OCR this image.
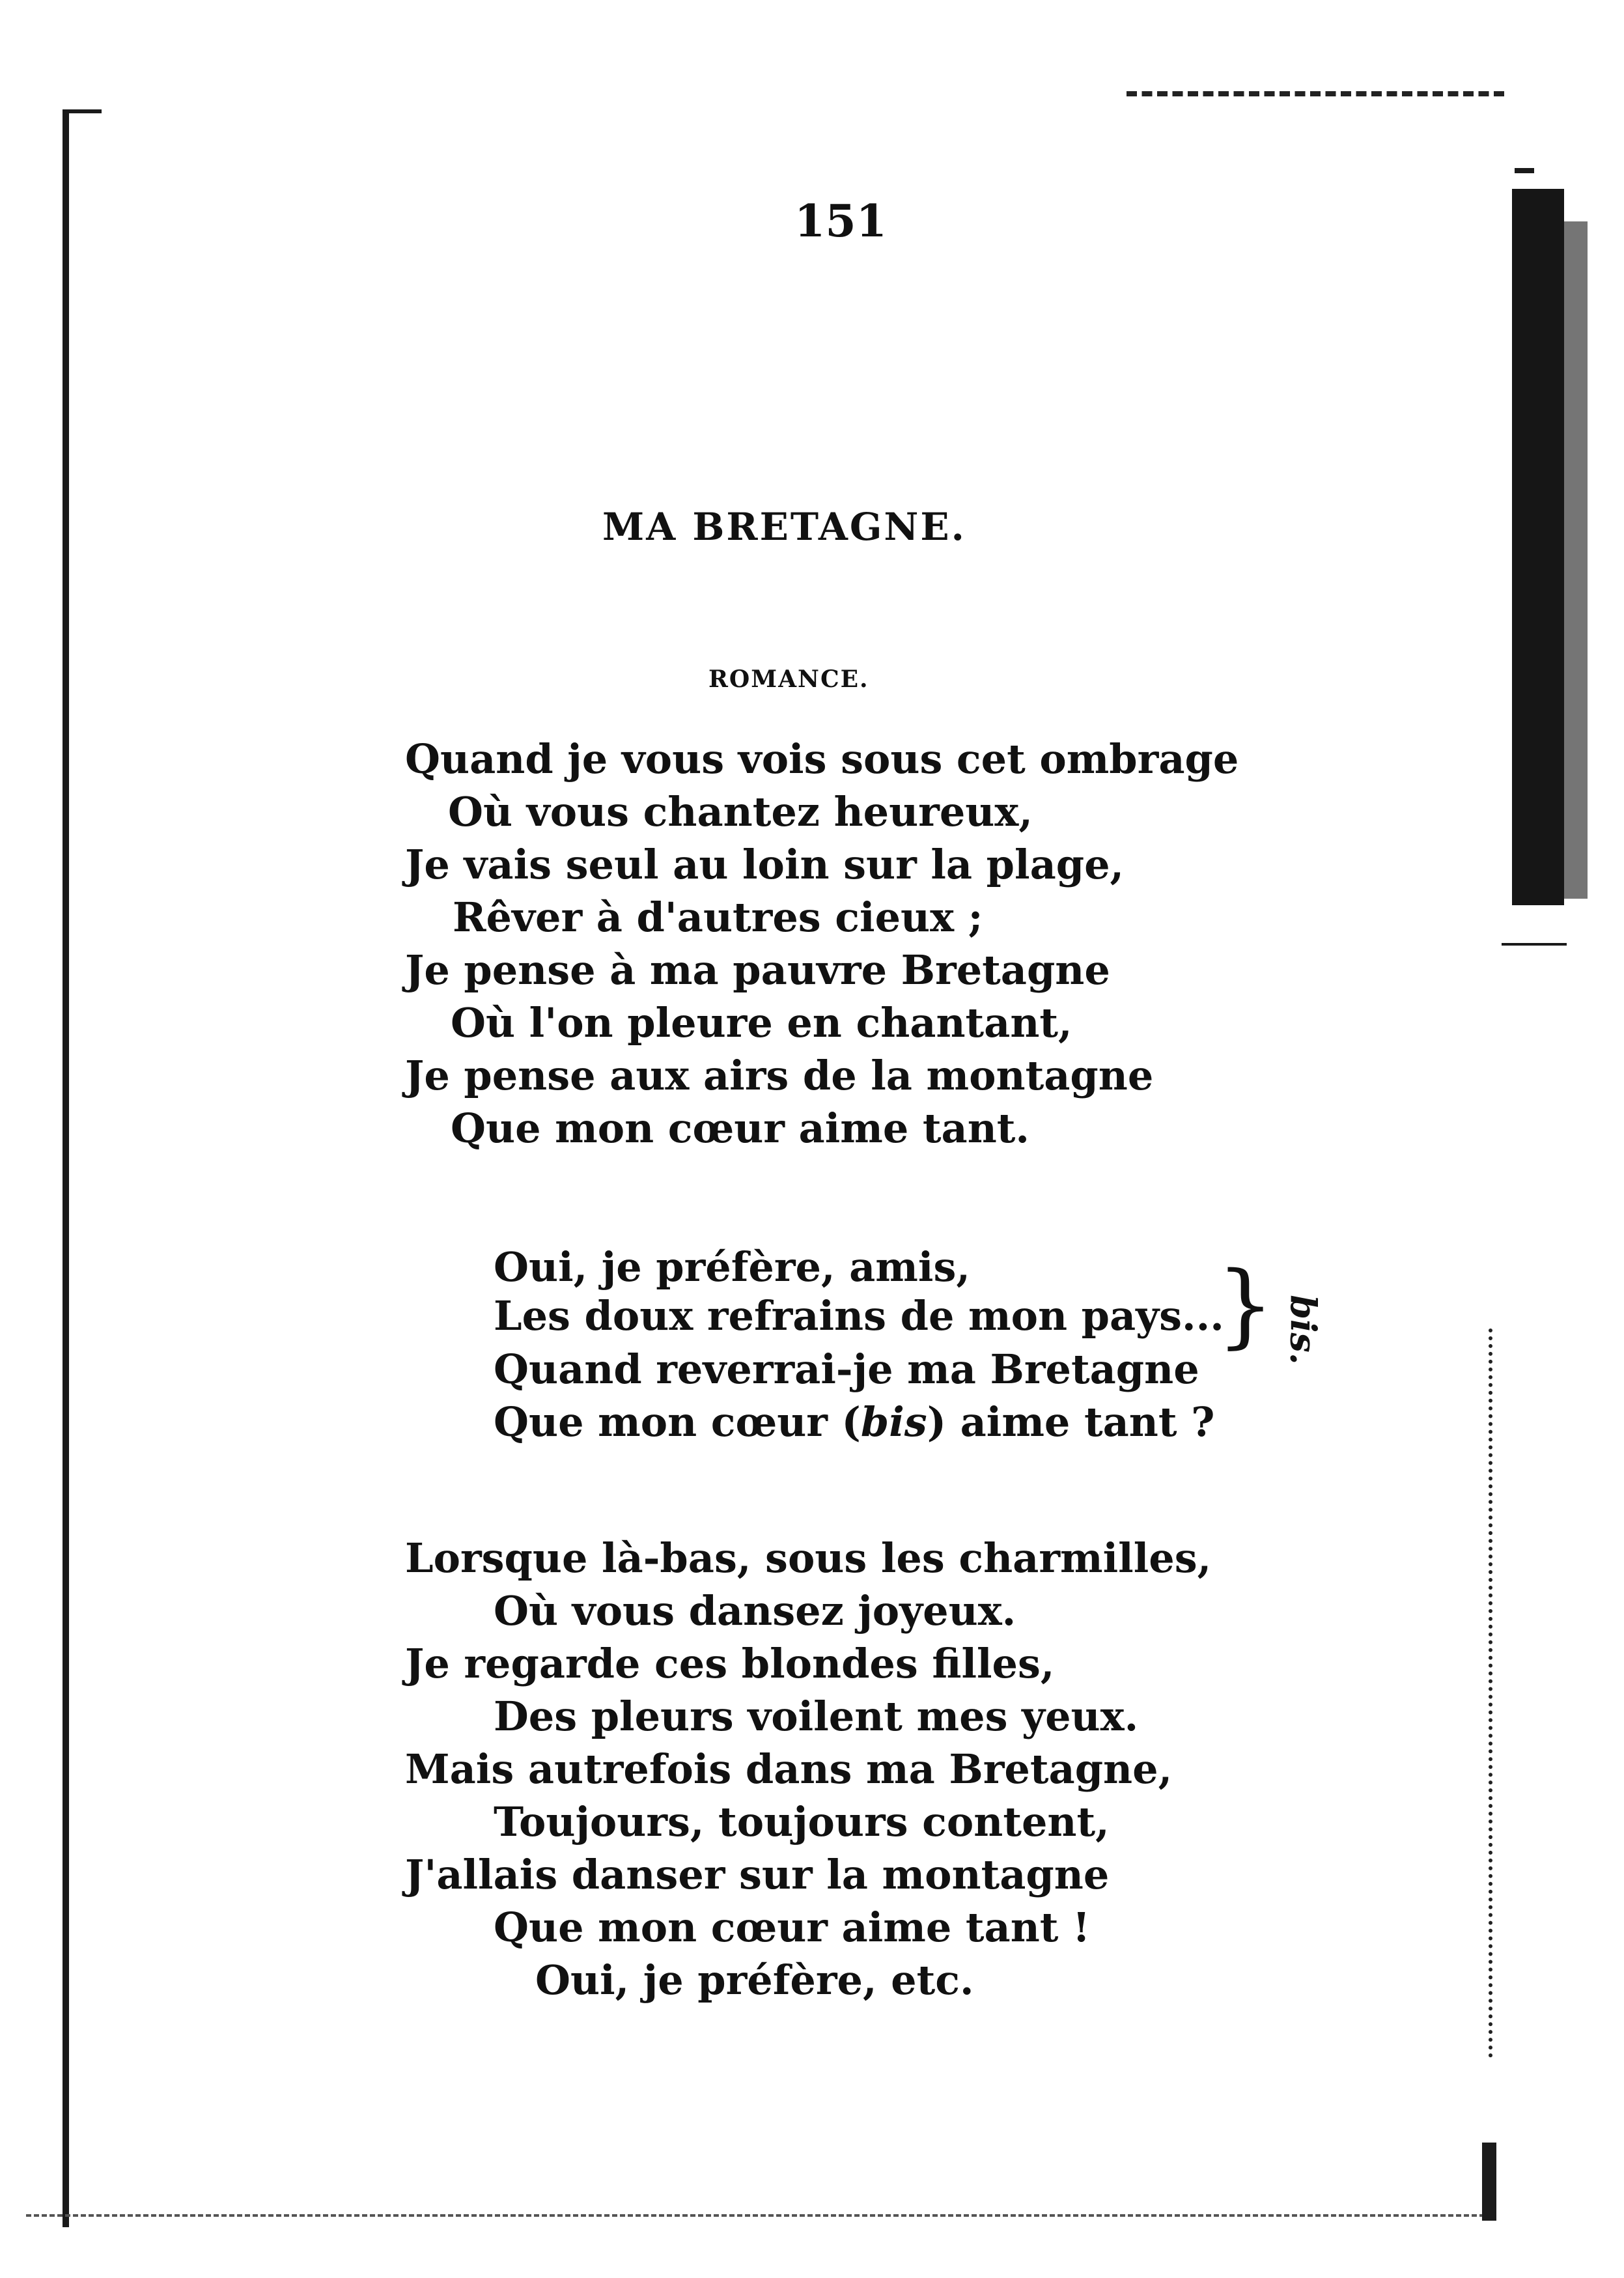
151
MA BRETAGNE.
ROMANCE.
Quand je vous vois sous cet ombrage
Où vous chantez heureux,
Je vais seul au loin sur la plage,
Rêver à d'autres cieux ;
Je pense à ma pauvre Bretagne
Où l'on pleure en chantant,
Je pense aux airs de la montagne
Que mon cœur aime tant.
Oui, je préfère, amis,
Les doux refrains de mon pays...
} bis.
Quand reverrai-je ma Bretagne
Que mon cœur (bis) aime tant ?
Lorsque là-bas, sous les charmilles,
Où vous dansez joyeux.
Je regarde ces blondes filles,
Des pleurs voilent mes yeux.
Mais autrefois dans ma Bretagne,
Toujours, toujours content,
J'allais danser sur la montagne
Que mon cœur aime tant !
Oui, je préfère, etc.
